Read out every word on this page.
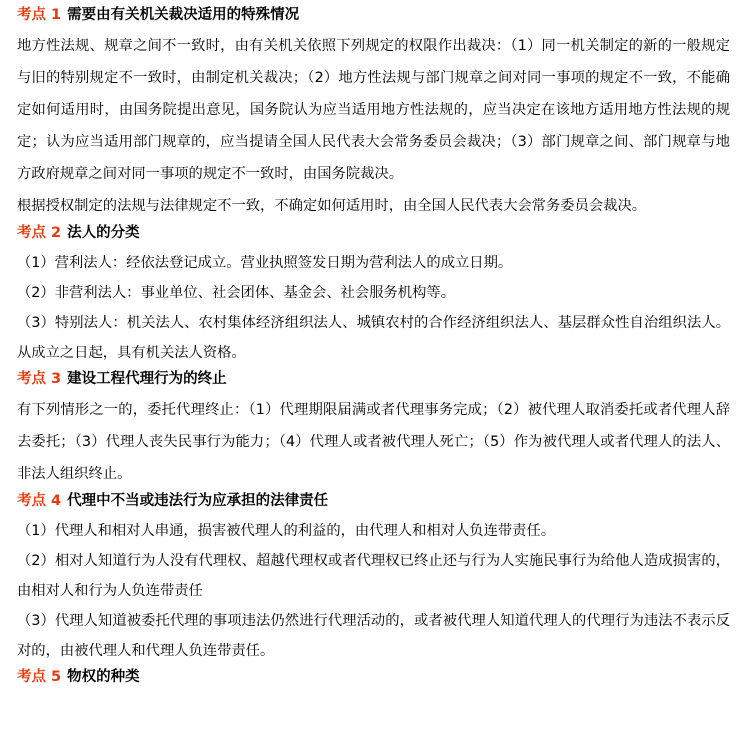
考点 1 需要由有关机关裁决适用的特殊情况

地方性法规、规章之间不一致时，由有关机关依照下列规定的权限作出裁决：（1）同一机关制定的新的一般规定与旧的特别规定不一致时，由制定机关裁决；（2）地方性法规与部门规章之间对同一事项的规定不一致，不能确定如何适用时，由国务院提出意见，国务院认为应当适用地方性法规的，应当决定在该地方适用地方性法规的规定；认为应当适用部门规章的，应当提请全国人民代表大会常务委员会裁决；（3）部门规章之间、部门规章与地方政府规章之间对同一事项的规定不一致时，由国务院裁决。

根据授权制定的法规与法律规定不一致，不确定如何适用时，由全国人民代表大会常务委员会裁决。

考点 2 法人的分类

（1）营利法人：经依法登记成立。营业执照签发日期为营利法人的成立日期。

（2）非营利法人：事业单位、社会团体、基金会、社会服务机构等。

（3）特别法人：机关法人、农村集体经济组织法人、城镇农村的合作经济组织法人、基层群众性自治组织法人。从成立之日起，具有机关法人资格。

考点 3 建设工程代理行为的终止

有下列情形之一的，委托代理终止：（1）代理期限届满或者代理事务完成；（2）被代理人取消委托或者代理人辞去委托；（3）代理人丧失民事行为能力；（4）代理人或者被代理人死亡；（5）作为被代理人或者代理人的法人、非法人组织终止。

考点 4 代理中不当或违法行为应承担的法律责任

（1）代理人和相对人串通，损害被代理人的利益的，由代理人和相对人负连带责任。

（2）相对人知道行为人没有代理权、超越代理权或者代理权已终止还与行为人实施民事行为给他人造成损害的，由相对人和行为人负连带责任

（3）代理人知道被委托代理的事项违法仍然进行代理活动的，或者被代理人知道代理人的代理行为违法不表示反对的，由被代理人和代理人负连带责任。

考点 5 物权的种类
